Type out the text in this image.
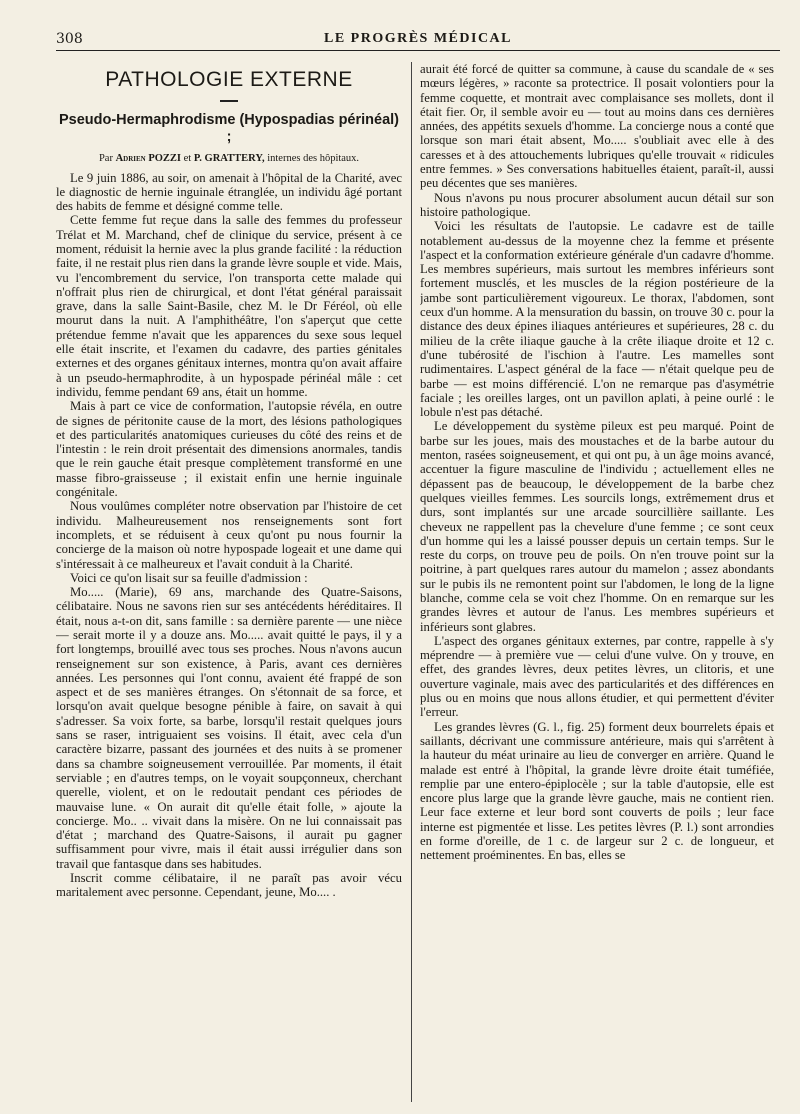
308	LE PROGRÈS MÉDICAL
PATHOLOGIE EXTERNE
Pseudo-Hermaphrodisme (Hypospadias périnéal) ;
Par Adrien POZZI et P. GRATTERY, internes des hôpitaux.

Le 9 juin 1886, au soir, on amenait à l'hôpital de la Charité, avec le diagnostic de hernie inguinale étranglée, un individu âgé portant des habits de femme et désigné comme telle.

Cette femme fut reçue dans la salle des femmes du professeur Trélat et M. Marchand, chef de clinique du service, présent à ce moment, réduisit la hernie avec la plus grande facilité : la réduction faite, il ne restait plus rien dans la grande lèvre souple et vide. Mais, vu l'encombrement du service, l'on transporta cette malade qui n'offrait plus rien de chirurgical, et dont l'état général paraissait grave, dans la salle Saint-Basile, chez M. le Dr Féréol, où elle mourut dans la nuit. A l'amphithéâtre, l'on s'aperçut que cette prétendue femme n'avait que les apparences du sexe sous lequel elle était inscrite, et l'examen du cadavre, des parties génitales externes et des organes génitaux internes, montra qu'on avait affaire à un pseudo-hermaphrodite, à un hypospade périnéal mâle : cet individu, femme pendant 69 ans, était un homme.

Mais à part ce vice de conformation, l'autopsie révéla, en outre de signes de péritonite cause de la mort, des lésions pathologiques et des particularités anatomiques curieuses du côté des reins et de l'intestin : le rein droit présentait des dimensions anormales, tandis que le rein gauche était presque complètement transformé en une masse fibro-graisseuse ; il existait enfin une hernie inguinale congénitale.

Nous voulûmes compléter notre observation par l'histoire de cet individu. Malheureusement nos renseignements sont fort incomplets, et se réduisent à ceux qu'ont pu nous fournir la concierge de la maison où notre hypospade logeait et une dame qui s'intéressait à ce malheureux et l'avait conduit à la Charité.

Voici ce qu'on lisait sur sa feuille d'admission :

Mo..... (Marie), 69 ans, marchande des Quatre-Saisons, célibataire. Nous ne savons rien sur ses antécédents héréditaires. Il était, nous a-t-on dit, sans famille : sa dernière parente — une nièce — serait morte il y a douze ans. Mo..... avait quitté le pays, il y a fort longtemps, brouillé avec tous ses proches. Nous n'avons aucun renseignement sur son existence, à Paris, avant ces dernières années. Les personnes qui l'ont connu, avaient été frappé de son aspect et de ses manières étranges. On s'étonnait de sa force, et lorsqu'on avait quelque besogne pénible à faire, on savait à qui s'adresser. Sa voix forte, sa barbe, lorsqu'il restait quelques jours sans se raser, intriguaient ses voisins. Il était, avec cela d'un caractère bizarre, passant des journées et des nuits à se promener dans sa chambre soigneusement verrouillée. Par moments, il était serviable ; en d'autres temps, on le voyait soupçonneux, cherchant querelle, violent, et on le redoutait pendant ces périodes de mauvaise lune. « On aurait dit qu'elle était folle, » ajoute la concierge. Mo.. .. vivait dans la misère. On ne lui connaissait pas d'état ; marchand des Quatre-Saisons, il aurait pu gagner suffisamment pour vivre, mais il était aussi irrégulier dans son travail que fantasque dans ses habitudes.

Inscrit comme célibataire, il ne paraît pas avoir vécu maritalement avec personne. Cependant, jeune, Mo.... .

aurait été forcé de quitter sa commune, à cause du scandale de « ses mœurs légères, » raconte sa protectrice. Il posait volontiers pour la femme coquette, et montrait avec complaisance ses mollets, dont il était fier. Or, il semble avoir eu — tout au moins dans ces dernières années, des appétits sexuels d'homme. La concierge nous a conté que lorsque son mari était absent, Mo..... s'oubliait avec elle à des caresses et à des attouchements lubriques qu'elle trouvait « ridicules entre femmes. » Ses conversations habituelles étaient, paraît-il, aussi peu décentes que ses manières.

Nous n'avons pu nous procurer absolument aucun détail sur son histoire pathologique.

Voici les résultats de l'autopsie. Le cadavre est de taille notablement au-dessus de la moyenne chez la femme et présente l'aspect et la conformation extérieure générale d'un cadavre d'homme. Les membres supérieurs, mais surtout les membres inférieurs sont fortement musclés, et les muscles de la région postérieure de la jambe sont particulièrement vigoureux. Le thorax, l'abdomen, sont ceux d'un homme. A la mensuration du bassin, on trouve 30 c. pour la distance des deux épines iliaques antérieures et supérieures, 28 c. du milieu de la crête iliaque gauche à la crête iliaque droite et 12 c. d'une tubérosité de l'ischion à l'autre. Les mamelles sont rudimentaires. L'aspect général de la face — n'était quelque peu de barbe — est moins différencié. L'on ne remarque pas d'asymétrie faciale ; les oreilles larges, ont un pavillon aplati, à peine ourlé : le lobule n'est pas détaché.

Le développement du système pileux est peu marqué. Point de barbe sur les joues, mais des moustaches et de la barbe autour du menton, rasées soigneusement, et qui ont pu, à un âge moins avancé, accentuer la figure masculine de l'individu ; actuellement elles ne dépassent pas de beaucoup, le développement de la barbe chez quelques vieilles femmes. Les sourcils longs, extrêmement drus et durs, sont implantés sur une arcade sourcillière saillante. Les cheveux ne rappellent pas la chevelure d'une femme ; ce sont ceux d'un homme qui les a laissé pousser depuis un certain temps. Sur le reste du corps, on trouve peu de poils. On n'en trouve point sur la poitrine, à part quelques rares autour du mamelon ; assez abondants sur le pubis ils ne remontent point sur l'abdomen, le long de la ligne blanche, comme cela se voit chez l'homme. On en remarque sur les grandes lèvres et autour de l'anus. Les membres supérieurs et inférieurs sont glabres.

L'aspect des organes génitaux externes, par contre, rappelle à s'y méprendre — à première vue — celui d'une vulve. On y trouve, en effet, des grandes lèvres, deux petites lèvres, un clitoris, et une ouverture vaginale, mais avec des particularités et des différences en plus ou en moins que nous allons étudier, et qui permettent d'éviter l'erreur.

Les grandes lèvres (G. l., fig. 25) forment deux bourrelets épais et saillants, décrivant une commissure antérieure, mais qui s'arrêtent à la hauteur du méat urinaire au lieu de converger en arrière. Quand le malade est entré à l'hôpital, la grande lèvre droite était tuméfiée, remplie par une entero-épiplocèle ; sur la table d'autopsie, elle est encore plus large que la grande lèvre gauche, mais ne contient rien. Leur face externe et leur bord sont couverts de poils ; leur face interne est pigmentée et lisse. Les petites lèvres (P. l.) sont arrondies en forme d'oreille, de 1 c. de largeur sur 2 c. de longueur, et nettement proéminentes. En bas, elles se
